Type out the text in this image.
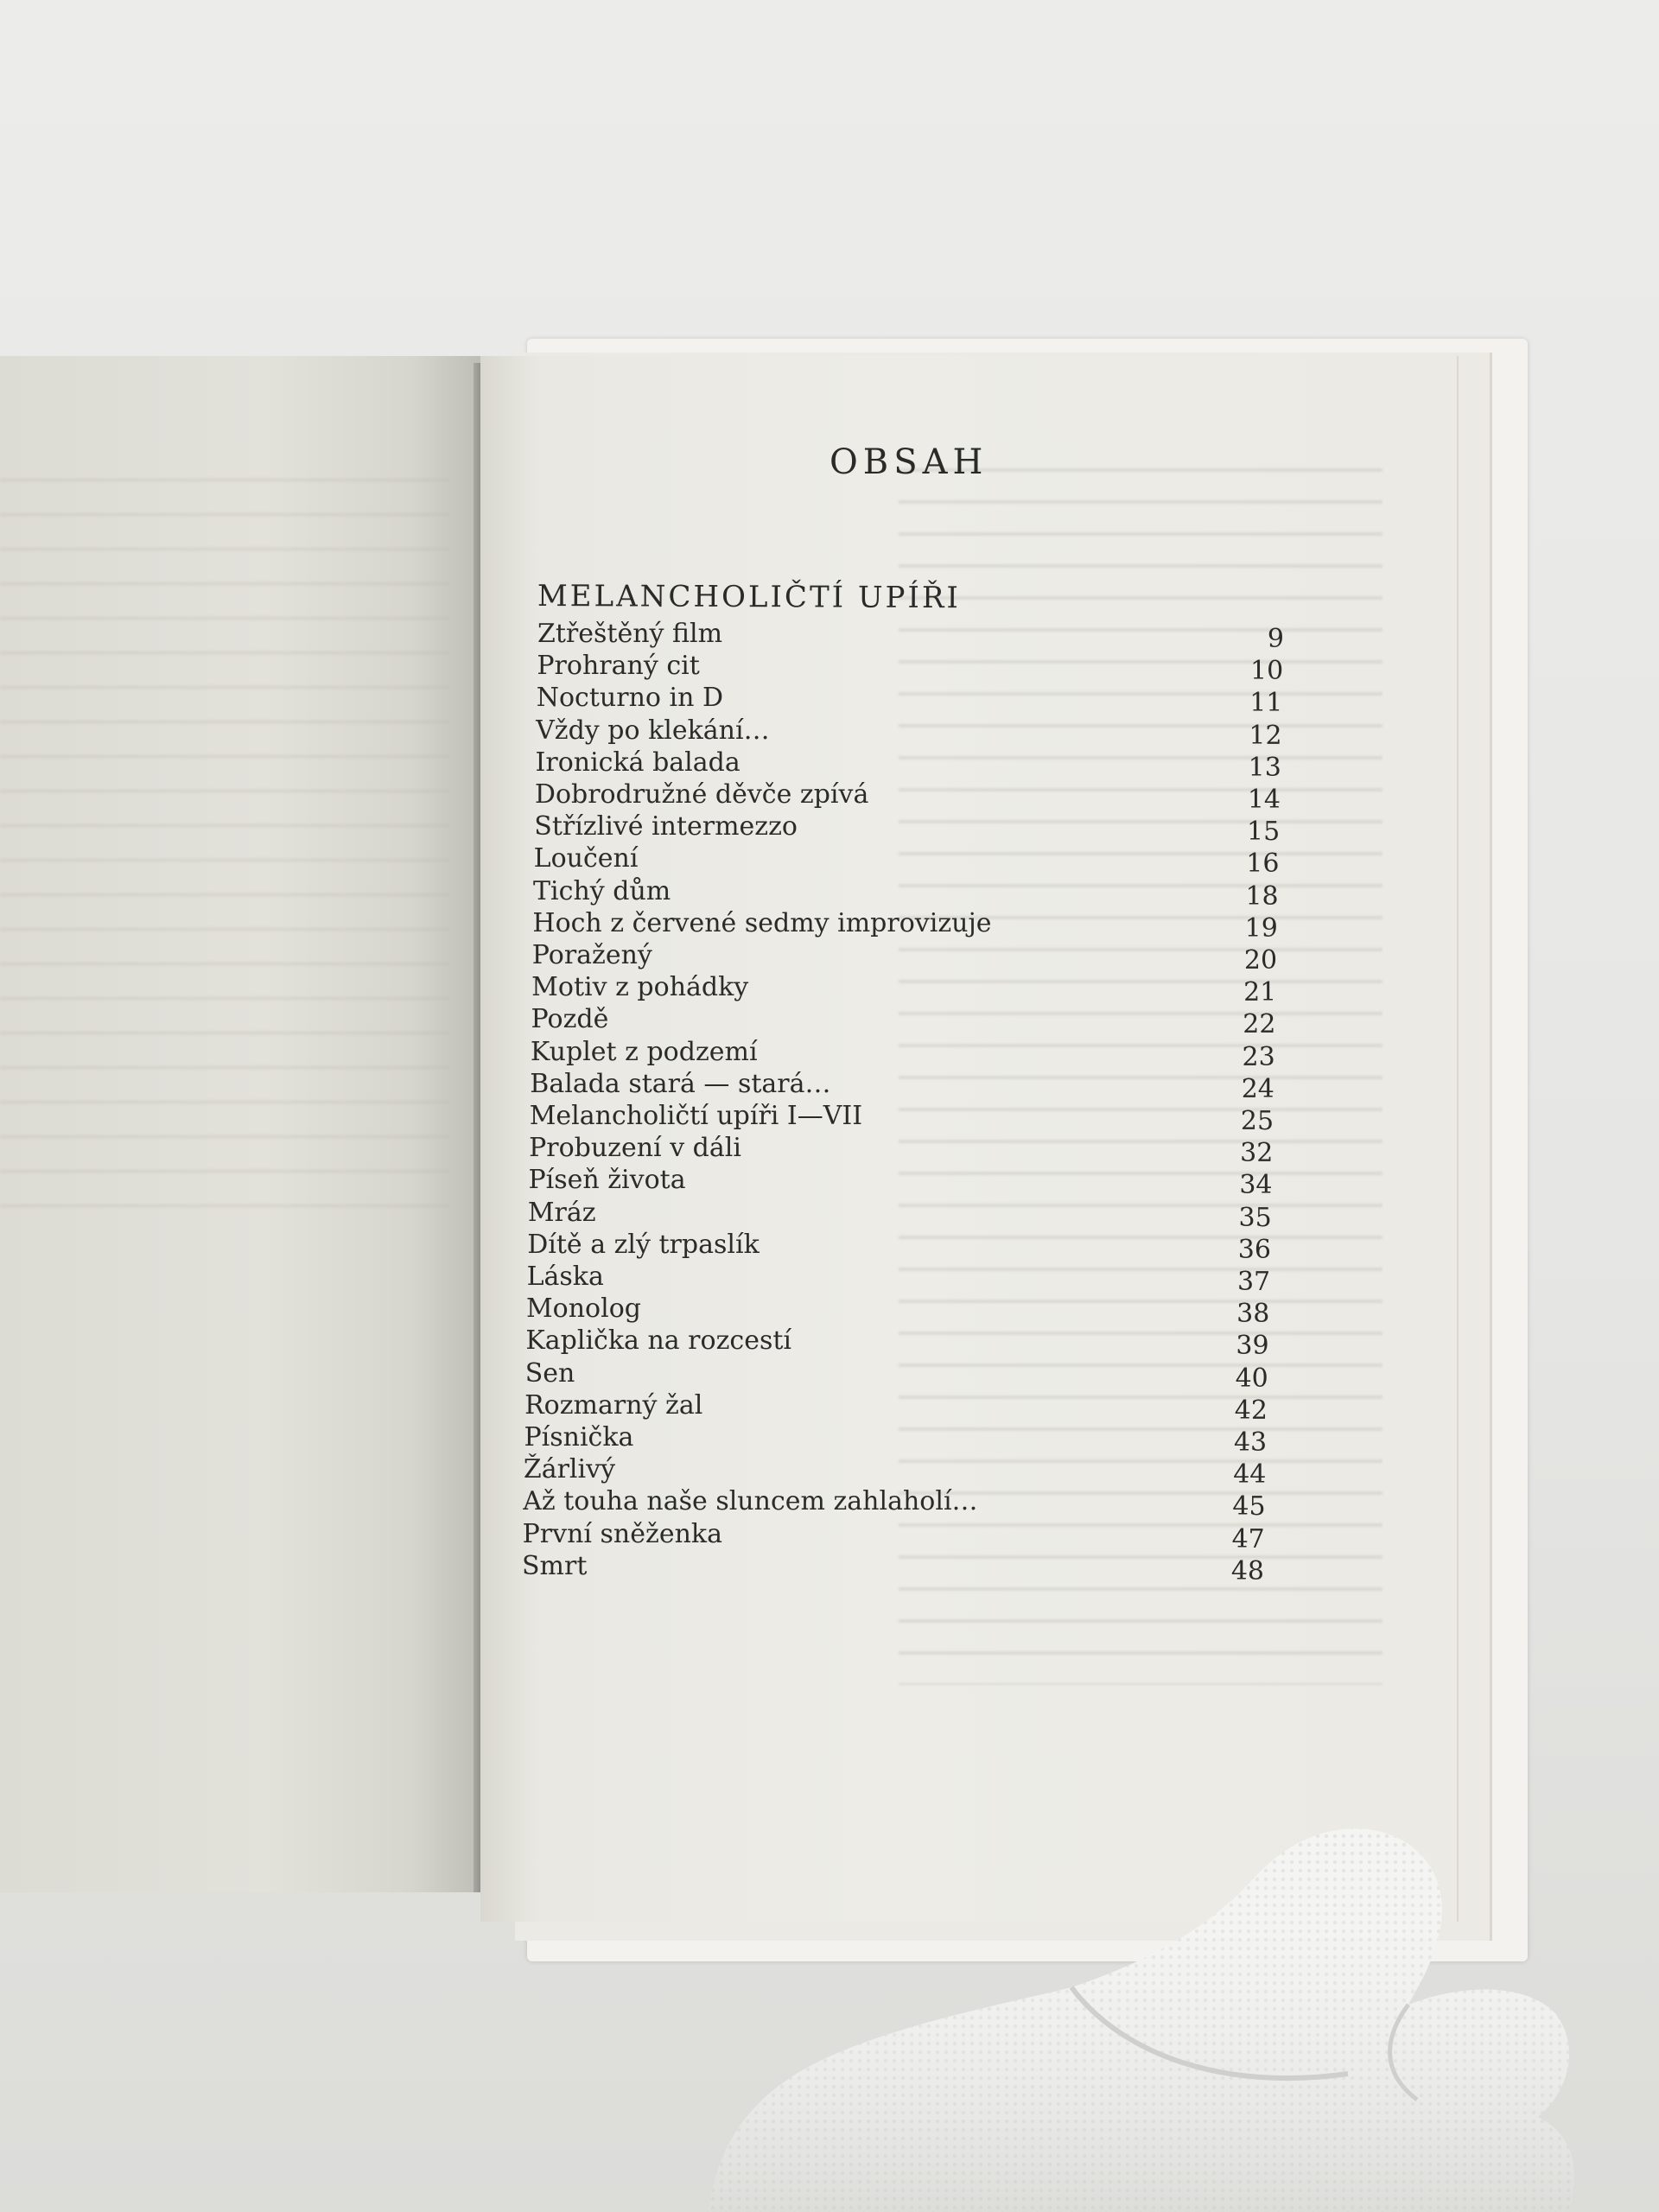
OBSAH
MELANCHOLIČTÍ UPÍŘI
Ztřeštěný film	9
Prohraný cit	10
Nocturno in D	11
Vždy po klekání…	12
Ironická balada	13
Dobrodružné děvče zpívá	14
Střízlivé intermezzo	15
Loučení	16
Tichý dům	18
Hoch z červené sedmy improvizuje	19
Poražený	20
Motiv z pohádky	21
Pozdě	22
Kuplet z podzemí	23
Balada stará — stará…	24
Melancholičtí upíři I—VII	25
Probuzení v dáli	32
Píseň života	34
Mráz	35
Dítě a zlý trpaslík	36
Láska	37
Monolog	38
Kaplička na rozcestí	39
Sen	40
Rozmarný žal	42
Písnička	43
Žárlivý	44
Až touha naše sluncem zahlaholí…	45
První sněženka	47
Smrt	48
